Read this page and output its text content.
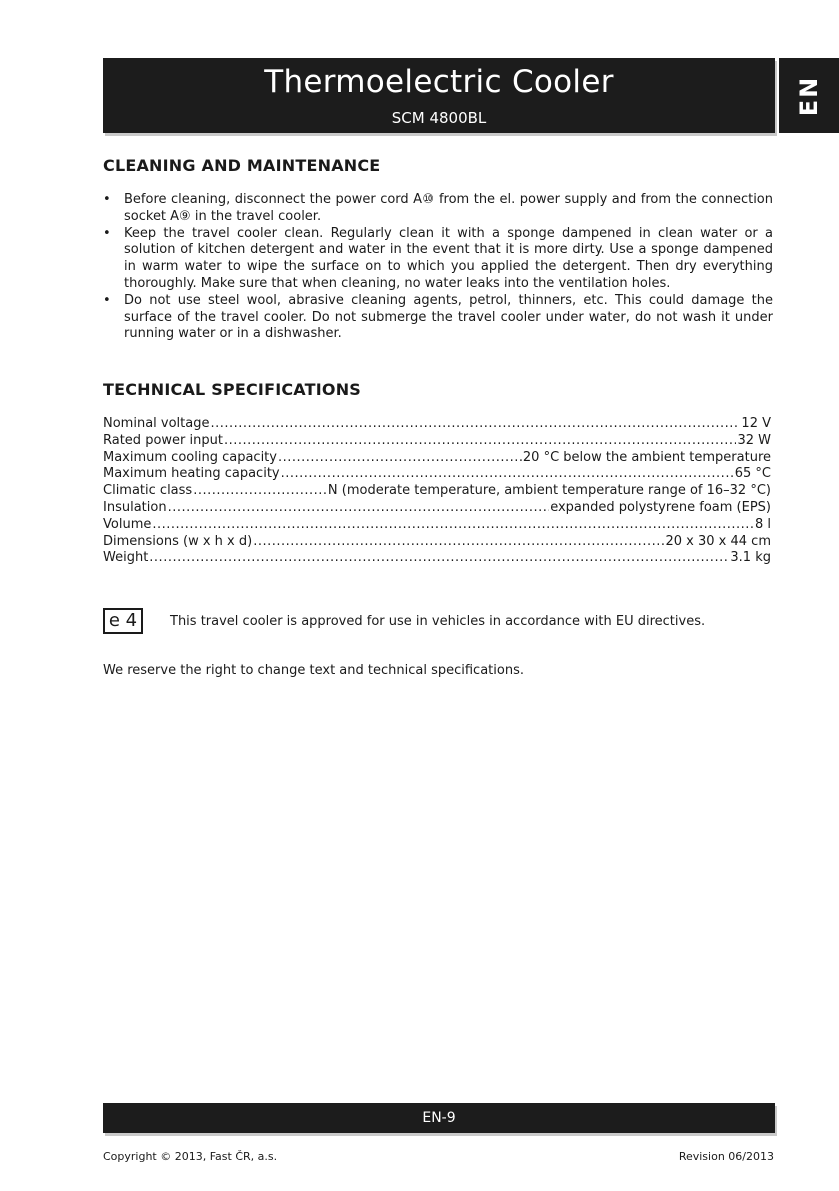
Thermoelectric Cooler
SCM 4800BL
EN
CLEANING AND MAINTENANCE
• Before cleaning, disconnect the power cord A⑩ from the el. power supply and from the connection socket A⑨ in the travel cooler.
• Keep the travel cooler clean. Regularly clean it with a sponge dampened in clean water or a solution of kitchen detergent and water in the event that it is more dirty. Use a sponge dampened in warm water to wipe the surface on to which you applied the detergent. Then dry everything thoroughly. Make sure that when cleaning, no water leaks into the ventilation holes.
• Do not use steel wool, abrasive cleaning agents, petrol, thinners, etc. This could damage the surface of the travel cooler. Do not submerge the travel cooler under water, do not wash it under running water or in a dishwasher.
TECHNICAL SPECIFICATIONS
Nominal voltage .....	12 V
Rated power input .....	32 W
Maximum cooling capacity .....	20 °C below the ambient temperature
Maximum heating capacity .....	65 °C
Climatic class .....	N (moderate temperature, ambient temperature range of 16–32 °C)
Insulation .....	expanded polystyrene foam (EPS)
Volume .....	8 l
Dimensions (w x h x d) .....	20 x 30 x 44 cm
Weight .....	3.1 kg
e 4	This travel cooler is approved for use in vehicles in accordance with EU directives.
We reserve the right to change text and technical specifications.
EN-9
Copyright © 2013, Fast ČR, a.s.	Revision 06/2013
